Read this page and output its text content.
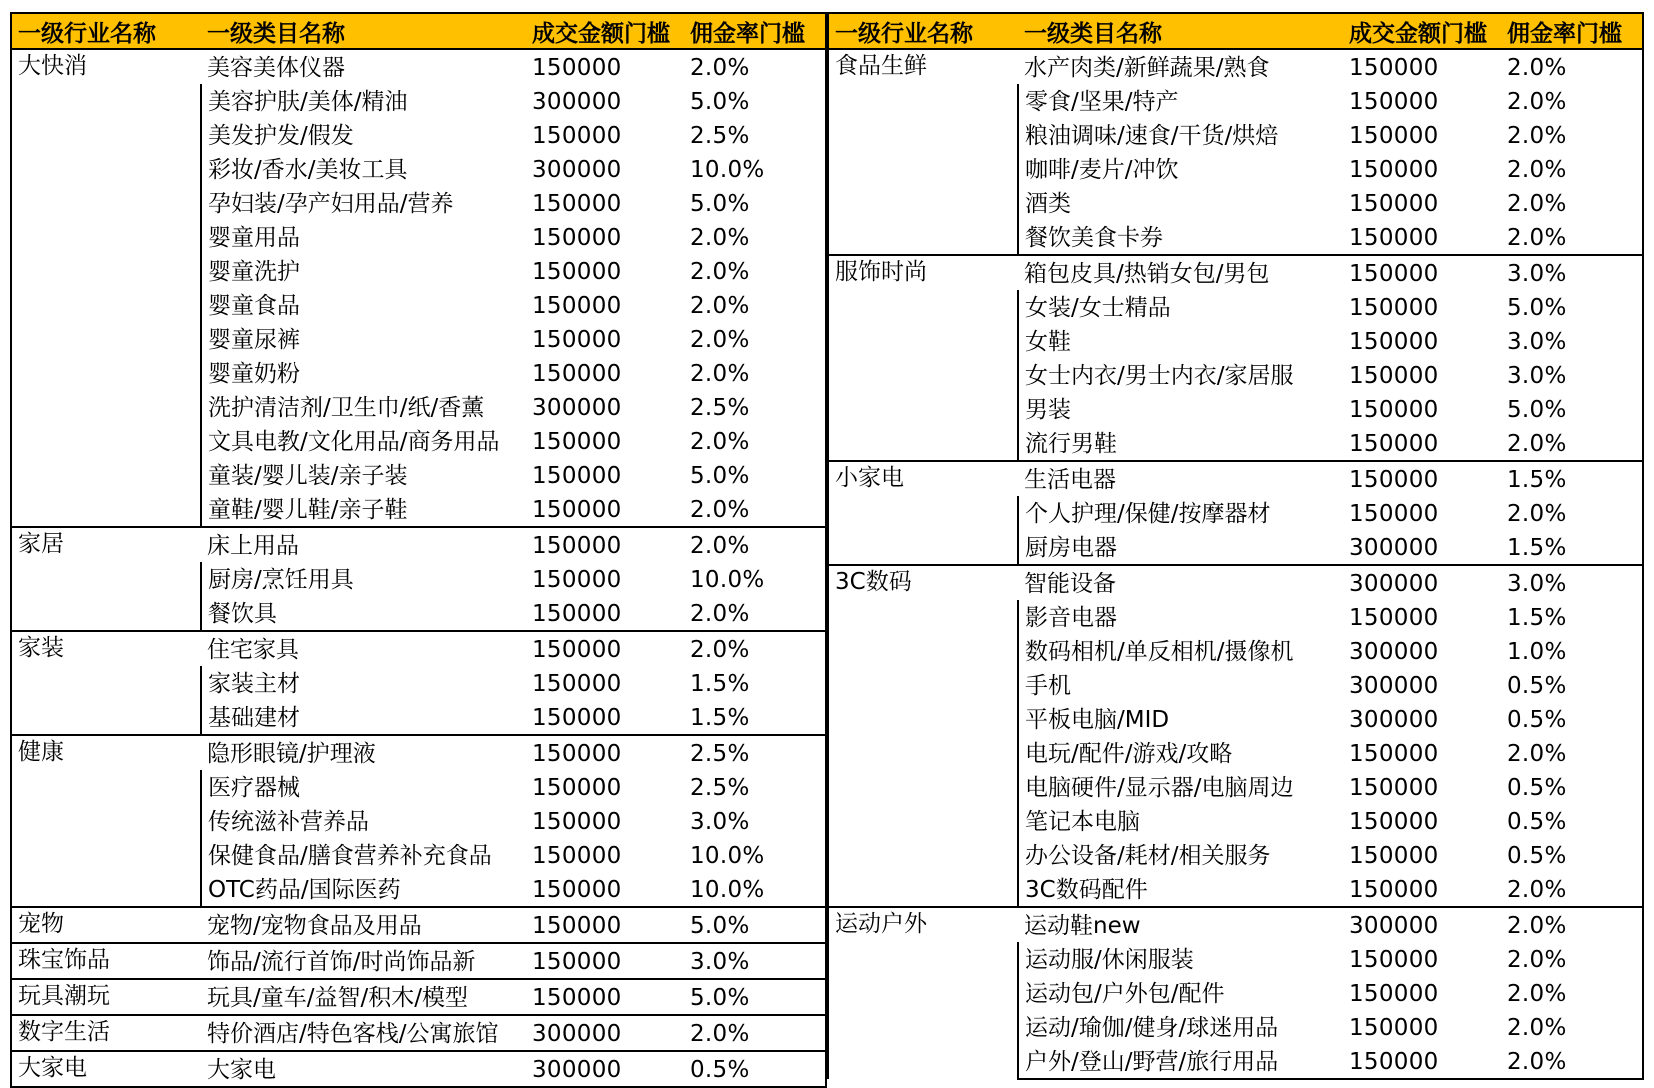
一级行业名称	一级类目名称	成交金额门槛	佣金率门槛
大快消	美容美体仪器	150000	2.0%
	美容护肤/美体/精油	300000	5.0%
	美发护发/假发	150000	2.5%
	彩妆/香水/美妆工具	300000	10.0%
	孕妇装/孕产妇用品/营养	150000	5.0%
	婴童用品	150000	2.0%
	婴童洗护	150000	2.0%
	婴童食品	150000	2.0%
	婴童尿裤	150000	2.0%
	婴童奶粉	150000	2.0%
	洗护清洁剂/卫生巾/纸/香薰	300000	2.5%
	文具电教/文化用品/商务用品	150000	2.0%
	童装/婴儿装/亲子装	150000	5.0%
	童鞋/婴儿鞋/亲子鞋	150000	2.0%
家居	床上用品	150000	2.0%
	厨房/烹饪用具	150000	10.0%
	餐饮具	150000	2.0%
家装	住宅家具	150000	2.0%
	家装主材	150000	1.5%
	基础建材	150000	1.5%
健康	隐形眼镜/护理液	150000	2.5%
	医疗器械	150000	2.5%
	传统滋补营养品	150000	3.0%
	保健食品/膳食营养补充食品	150000	10.0%
	OTC药品/国际医药	150000	10.0%
宠物	宠物/宠物食品及用品	150000	5.0%
珠宝饰品	饰品/流行首饰/时尚饰品新	150000	3.0%
玩具潮玩	玩具/童车/益智/积木/模型	150000	5.0%
数字生活	特价酒店/特色客栈/公寓旅馆	300000	2.0%
大家电	大家电	300000	0.5%
一级行业名称	一级类目名称	成交金额门槛	佣金率门槛
食品生鲜	水产肉类/新鲜蔬果/熟食	150000	2.0%
	零食/坚果/特产	150000	2.0%
	粮油调味/速食/干货/烘焙	150000	2.0%
	咖啡/麦片/冲饮	150000	2.0%
	酒类	150000	2.0%
	餐饮美食卡券	150000	2.0%
服饰时尚	箱包皮具/热销女包/男包	150000	3.0%
	女装/女士精品	150000	5.0%
	女鞋	150000	3.0%
	女士内衣/男士内衣/家居服	150000	3.0%
	男装	150000	5.0%
	流行男鞋	150000	2.0%
小家电	生活电器	150000	1.5%
	个人护理/保健/按摩器材	150000	2.0%
	厨房电器	300000	1.5%
3C数码	智能设备	300000	3.0%
	影音电器	150000	1.5%
	数码相机/单反相机/摄像机	300000	1.0%
	手机	300000	0.5%
	平板电脑/MID	300000	0.5%
	电玩/配件/游戏/攻略	150000	2.0%
	电脑硬件/显示器/电脑周边	150000	0.5%
	笔记本电脑	150000	0.5%
	办公设备/耗材/相关服务	150000	0.5%
	3C数码配件	150000	2.0%
运动户外	运动鞋new	300000	2.0%
	运动服/休闲服装	150000	2.0%
	运动包/户外包/配件	150000	2.0%
	运动/瑜伽/健身/球迷用品	150000	2.0%
	户外/登山/野营/旅行用品	150000	2.0%
